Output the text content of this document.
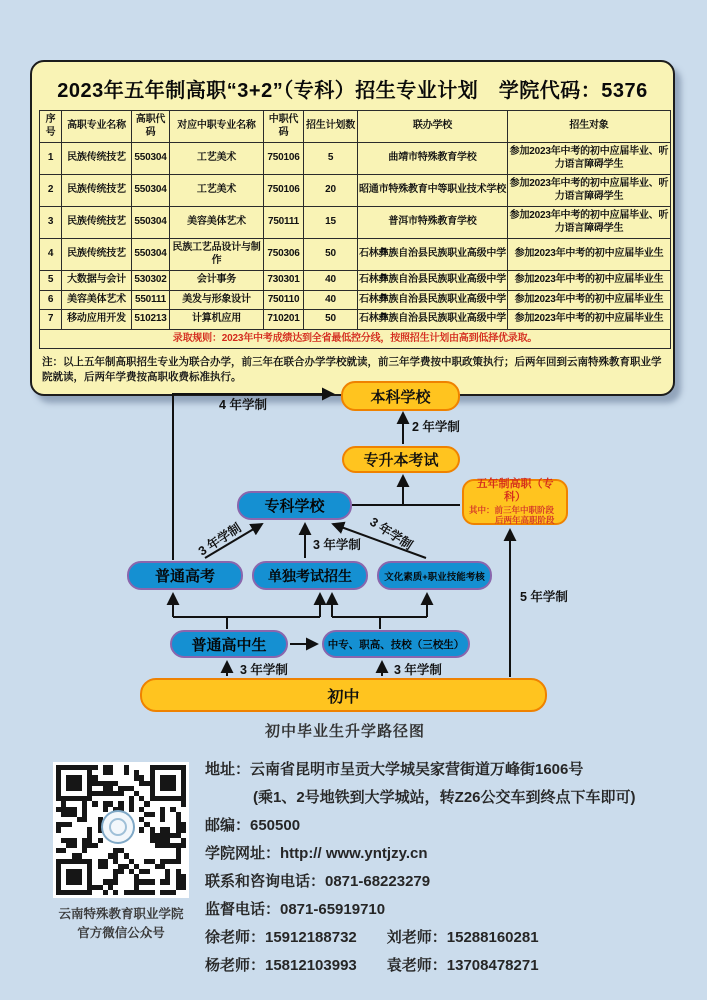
2023年五年制高职“3+2”（专科）招生专业计划　学院代码：5376
序号	高职专业名称	高职代码	对应中职专业名称	中职代码	招生计划数	联办学校	招生对象
1	民族传统技艺	550304	工艺美术	750106	5	曲靖市特殊教育学校	参加2023年中考的初中应届毕业、听力语言障碍学生
2	民族传统技艺	550304	工艺美术	750106	20	昭通市特殊教育中等职业技术学校	参加2023年中考的初中应届毕业、听力语言障碍学生
3	民族传统技艺	550304	美容美体艺术	750111	15	普洱市特殊教育学校	参加2023年中考的初中应届毕业、听力语言障碍学生
4	民族传统技艺	550304	民族工艺品设计与制作	750306	50	石林彝族自治县民族职业高级中学	参加2023年中考的初中应届毕业生
5	大数据与会计	530302	会计事务	730301	40	石林彝族自治县民族职业高级中学	参加2023年中考的初中应届毕业生
6	美容美体艺术	550111	美发与形象设计	750110	40	石林彝族自治县民族职业高级中学	参加2023年中考的初中应届毕业生
7	移动应用开发	510213	计算机应用	710201	50	石林彝族自治县民族职业高级中学	参加2023年中考的初中应届毕业生
录取规则：2023年中考成绩达到全省最低控分线，按照招生计划由高到低择优录取。							
注：以上五年制高职招生专业为联合办学，前三年在联合办学学校就读，前三年学费按中职政策执行；后两年回到云南特殊教育职业学院就读，后两年学费按高职收费标准执行。
4 年学制
2 年学制
3 年学制	3 年学制 3 年学制
5 年学制
3 年学制	3 年学制
本科学校
专升本考试
五年制高职（专科）
其中：前三年中职阶段
后两年高职阶段
专科学校
普通高考	单独考试招生	文化素质+职业技能考核
普通高中生	中专、职高、技校（三校生）
初中
初中毕业生升学路径图
云南特殊教育职业学院
官方微信公众号
地址：云南省昆明市呈贡大学城吴家营街道万峰街1606号
(乘1、2号地铁到大学城站，转Z26公交车到终点下车即可)
邮编：650500
学院网址：http:// www.yntjzy.cn
联系和咨询电话：0871-68223279
监督电话：0871-65919710
徐老师：15912188732　　刘老师：15288160281
杨老师：15812103993　　袁老师：13708478271
